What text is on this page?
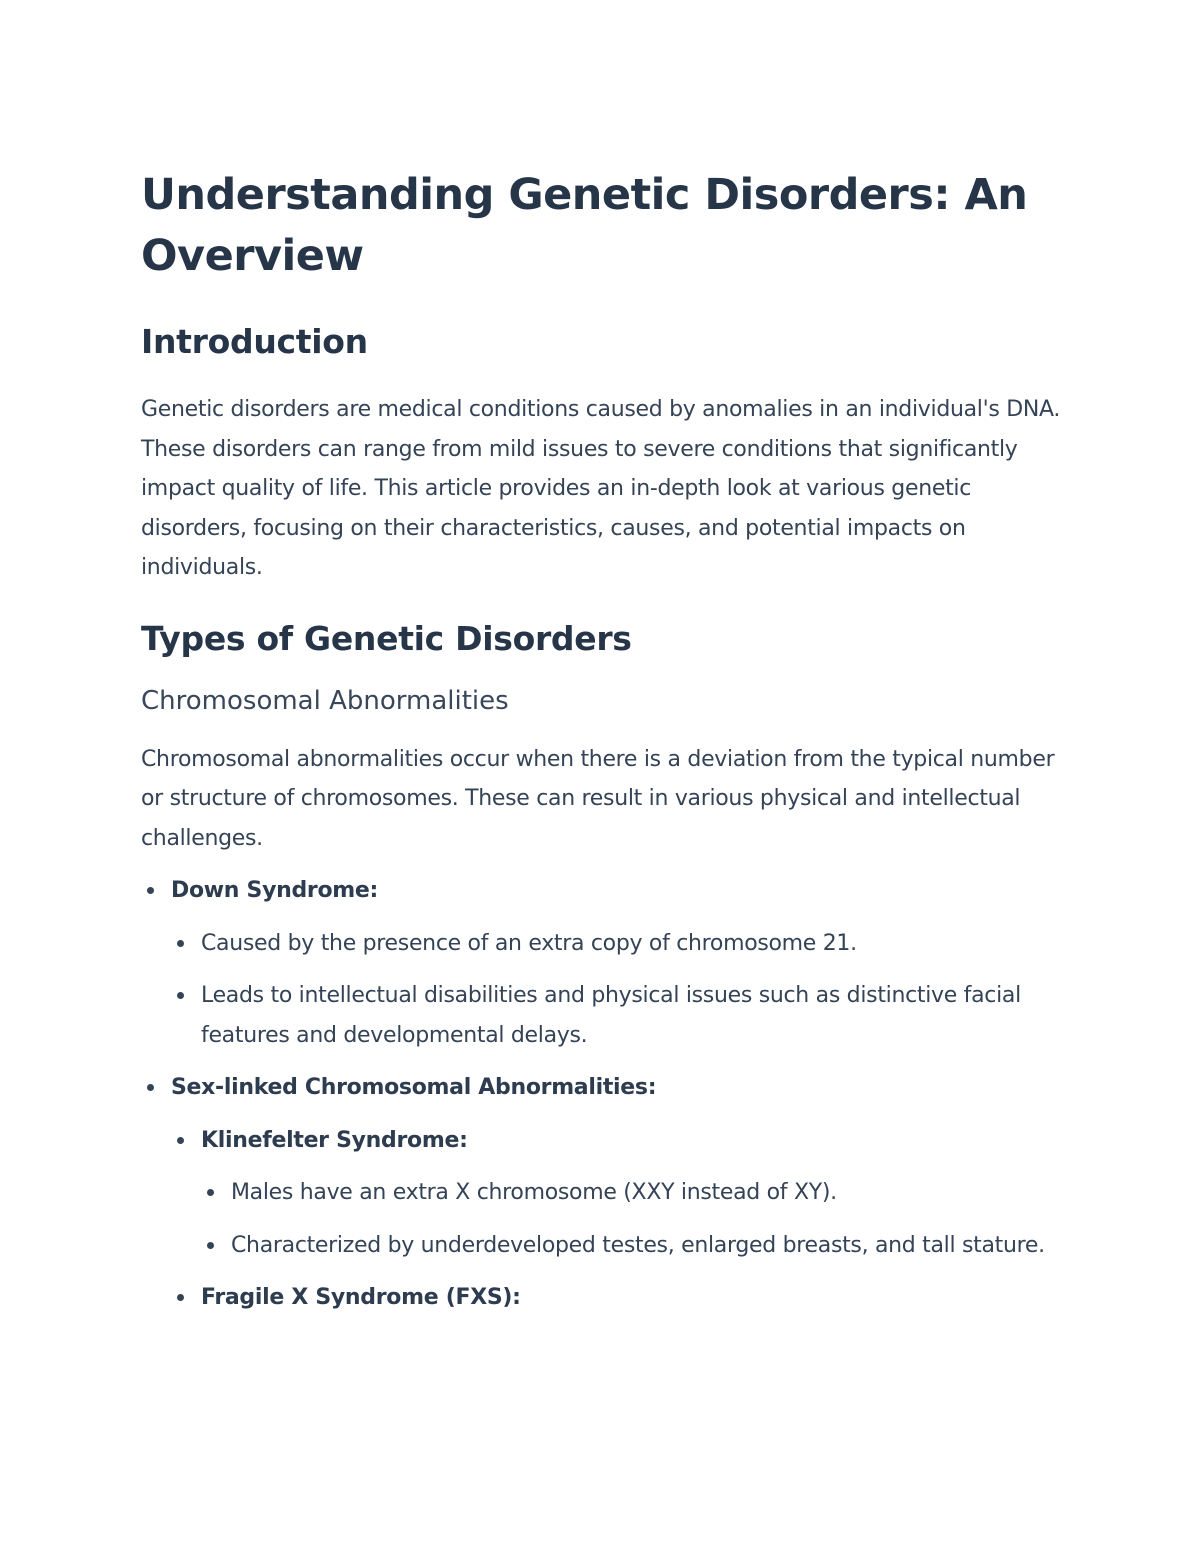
Understanding Genetic Disorders: An Overview
Introduction

Genetic disorders are medical conditions caused by anomalies in an individual's DNA. These disorders can range from mild issues to severe conditions that significantly impact quality of life. This article provides an in-depth look at various genetic disorders, focusing on their characteristics, causes, and potential impacts on individuals.

Types of Genetic Disorders
Chromosomal Abnormalities

Chromosomal abnormalities occur when there is a deviation from the typical number or structure of chromosomes. These can result in various physical and intellectual challenges.

Down Syndrome:
Caused by the presence of an extra copy of chromosome 21.
Leads to intellectual disabilities and physical issues such as distinctive facial features and developmental delays.
Sex-linked Chromosomal Abnormalities:
Klinefelter Syndrome:
Males have an extra X chromosome (XXY instead of XY).
Characterized by underdeveloped testes, enlarged breasts, and tall stature.
Fragile X Syndrome (FXS):
